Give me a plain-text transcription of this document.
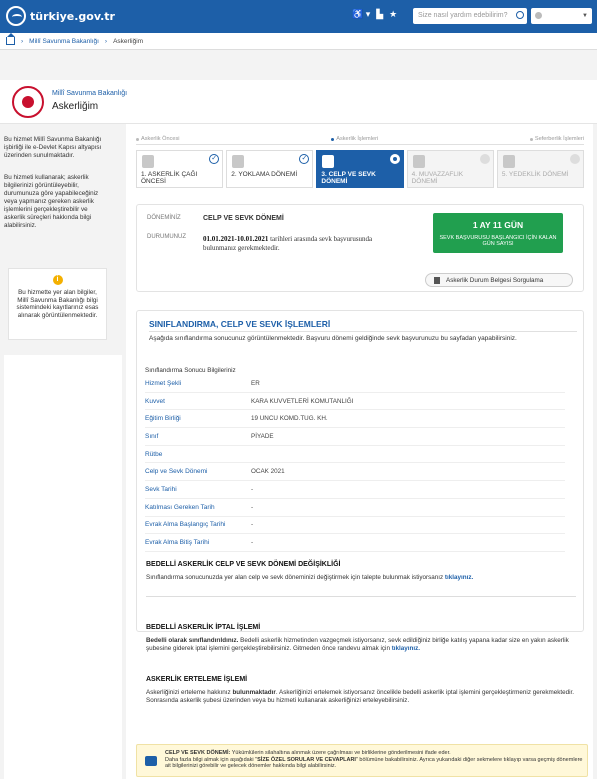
türkiye.gov.tr	♿ ▾ ▙ ★	Size nasıl yardım edebilirim?	▼
› Millî Savunma Bakanlığı › Askerliğim
Millî Savunma Bakanlığı
Askerliğim

Bu hizmet Millî Savunma Bakanlığı işbirliği ile e-Devlet Kapısı altyapısı üzerinden sunulmaktadır.

Bu hizmeti kullanarak; askerlik bilgilerinizi görüntüleyebilir, durumunuza göre yapabileceğiniz veya yapmanız gereken askerlik işlemlerini gerçekleştirebilir ve askerlik süreçleri hakkında bilgi alabilirsiniz.

i
Bu hizmette yer alan bilgiler, Millî Savunma Bakanlığı bilgi sistemindeki kayıtlarınız esas alınarak görüntülenmektedir.
Askerlik Öncesi	Askerlik İşlemleri	Seferberlik İşlemleri
✓
1. ASKERLİK ÇAĞI ÖNCESİ
✓
2. YOKLAMA DÖNEMİ	3. CELP VE SEVK DÖNEMİ
4. MUVAZZAFLIK DÖNEMİ
5. YEDEKLİK DÖNEMİ
DÖNEMİNİZ	CELP VE SEVK DÖNEMİ
DURUMUNUZ 01.01.2021-10.01.2021 tarihleri arasında sevk başvurusunda bulunmanız gerekmektedir.
1 AY 11 GÜN
SEVK BAŞVURUSU BAŞLANGICI İÇİN KALAN GÜN SAYISI
Askerlik Durum Belgesi Sorgulama
SINIFLANDIRMA, CELP VE SEVK İŞLEMLERİ
Aşağıda sınıflandırma sonucunuz görüntülenmektedir. Başvuru dönemi geldiğinde sevk başvurunuzu bu sayfadan yapabilirsiniz.
Sınıflandırma Sonucu Bilgileriniz
Hizmet Şekli	ER
Kuvvet	KARA KUVVETLERİ KOMUTANLIĞI
Eğitim Birliği	19 UNCU KOMD.TUG. KH.
Sınıf	PİYADE
Rütbe
Celp ve Sevk Dönemi	OCAK 2021
Sevk Tarihi	-
Katılması Gereken Tarih	-
Evrak Alma Başlangıç Tarihi	-
Evrak Alma Bitiş Tarihi	-
BEDELLİ ASKERLİK CELP VE SEVK DÖNEMİ DEĞİŞİKLİĞİ

Sınıflandırma sonucunuzda yer alan celp ve sevk döneminizi değiştirmek için talepte bulunmak istiyorsanız tıklayınız.

BEDELLİ ASKERLİK İPTAL İŞLEMİ

Bedelli olarak sınıflandırıldınız. Bedelli askerlik hizmetinden vazgeçmek istiyorsanız, sevk edildiğiniz birliğe katılış yapana kadar size en yakın askerlik şubesine giderek iptal işlemini gerçekleştirebilirsiniz. Gitmeden önce randevu almak için tıklayınız.

ASKERLİK ERTELEME İŞLEMİ

Askerliğinizi erteleme hakkınız bulunmaktadır. Askerliğinizi ertelemek istiyorsanız öncelikle bedelli askerlik iptal işlemini gerçekleştirmeniz gerekmektedir. Sonrasında askerlik şubesi üzerinden veya bu hizmeti kullanarak askerliğinizi erteleyebilirsiniz.

CELP VE SEVK DÖNEMİ: Yükümlülerin silahaltına alınmak üzere çağrılması ve birliklerine gönderilmesini ifade eder.
Daha fazla bilgi almak için aşağıdaki "SİZE ÖZEL SORULAR VE CEVAPLARI" bölümüne bakabilirsiniz. Ayrıca yukarıdaki diğer sekmelere tıklayıp varsa geçmiş dönemlere ait bilgilerinizi görebilir ve gelecek dönemler hakkında bilgi alabilirsiniz.
